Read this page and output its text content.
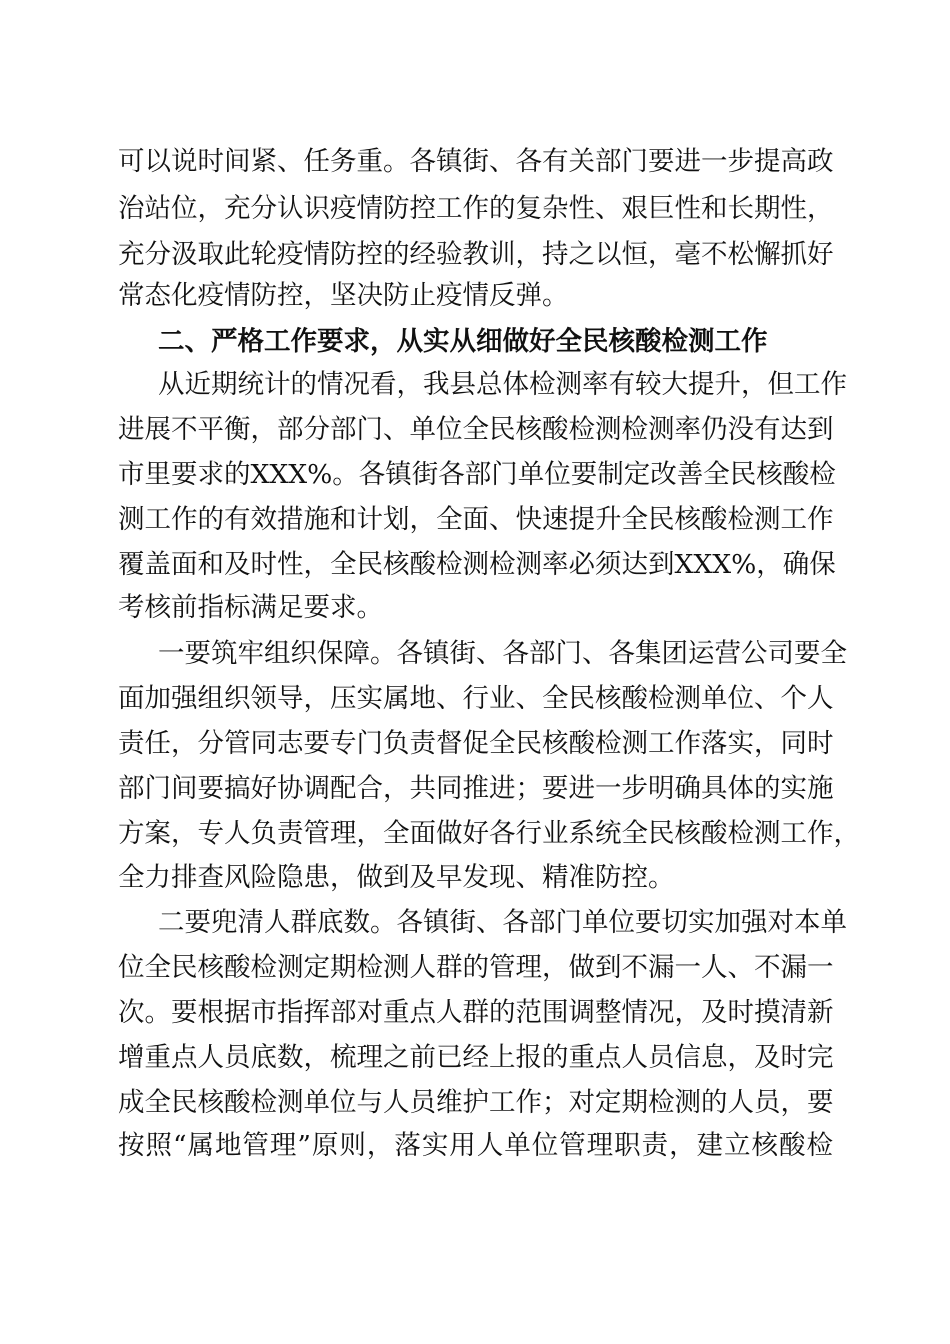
可以说时间紧、任务重。各镇街、各有关部门要进一步提高政
治站位，充分认识疫情防控工作的复杂性、艰巨性和长期性，
充分汲取此轮疫情防控的经验教训，持之以恒，毫不松懈抓好
常态化疫情防控，坚决防止疫情反弹。
二、严格工作要求，从实从细做好全民核酸检测工作
从近期统计的情况看，我县总体检测率有较大提升，但工作
进展不平衡，部分部门、单位全民核酸检测检测率仍没有达到
市里要求的XXX%。各镇街各部门单位要制定改善全民核酸检
测工作的有效措施和计划，全面、快速提升全民核酸检测工作
覆盖面和及时性，全民核酸检测检测率必须达到XXX%，确保
考核前指标满足要求。
一要筑牢组织保障。各镇街、各部门、各集团运营公司要全
面加强组织领导，压实属地、行业、全民核酸检测单位、个人
责任，分管同志要专门负责督促全民核酸检测工作落实，同时
部门间要搞好协调配合，共同推进；要进一步明确具体的实施
方案，专人负责管理，全面做好各行业系统全民核酸检测工作，
全力排查风险隐患，做到及早发现、精准防控。
二要兜清人群底数。各镇街、各部门单位要切实加强对本单
位全民核酸检测定期检测人群的管理，做到不漏一人、不漏一
次。要根据市指挥部对重点人群的范围调整情况，及时摸清新
增重点人员底数，梳理之前已经上报的重点人员信息，及时完
成全民核酸检测单位与人员维护工作；对定期检测的人员，要
按照“属地管理”原则，落实用人单位管理职责，建立核酸检
